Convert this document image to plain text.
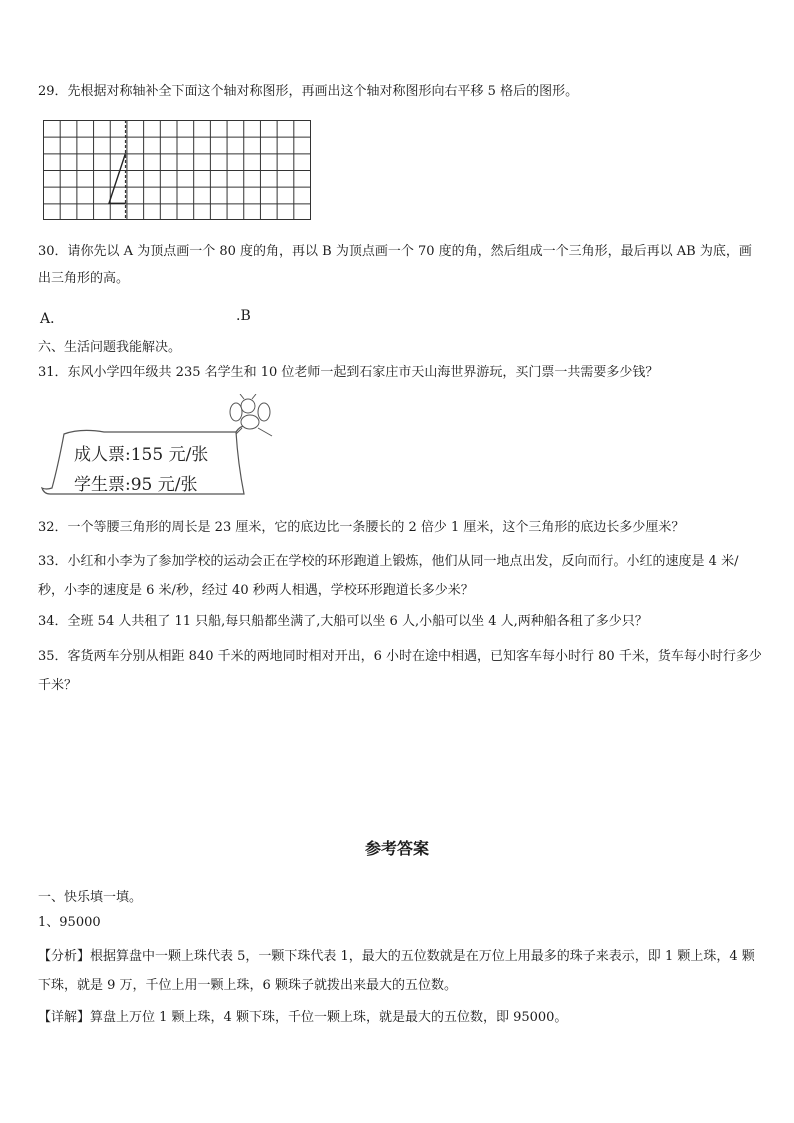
29．先根据对称轴补全下面这个轴对称图形，再画出这个轴对称图形向右平移 5 格后的图形。
30．请你先以 A 为顶点画一个 80 度的角，再以 B 为顶点画一个 70 度的角，然后组成一个三角形，最后再以 AB 为底，画出三角形的高。
A．	.B
六、生活问题我能解决。
31．东风小学四年级共 235 名学生和 10 位老师一起到石家庄市天山海世界游玩，买门票一共需要多少钱？
成人票:155 元/张
学生票:95 元/张
32．一个等腰三角形的周长是 23 厘米，它的底边比一条腰长的 2 倍少 1 厘米，这个三角形的底边长多少厘米？
33．小红和小李为了参加学校的运动会正在学校的环形跑道上锻炼，他们从同一地点出发，反向而行。小红的速度是 4 米/秒，小李的速度是 6 米/秒，经过 40 秒两人相遇，学校环形跑道长多少米？
34．全班 54 人共租了 11 只船,每只船都坐满了,大船可以坐 6 人,小船可以坐 4 人,两种船各租了多少只？
35．客货两车分别从相距 840 千米的两地同时相对开出，6 小时在途中相遇，已知客车每小时行 80 千米，货车每小时行多少千米？
参考答案
一、快乐填一填。
1、95000
【分析】根据算盘中一颗上珠代表 5，一颗下珠代表 1，最大的五位数就是在万位上用最多的珠子来表示，即 1 颗上珠，4 颗下珠，就是 9 万，千位上用一颗上珠，6 颗珠子就拨出来最大的五位数。
【详解】算盘上万位 1 颗上珠，4 颗下珠，千位一颗上珠，就是最大的五位数，即 95000。
